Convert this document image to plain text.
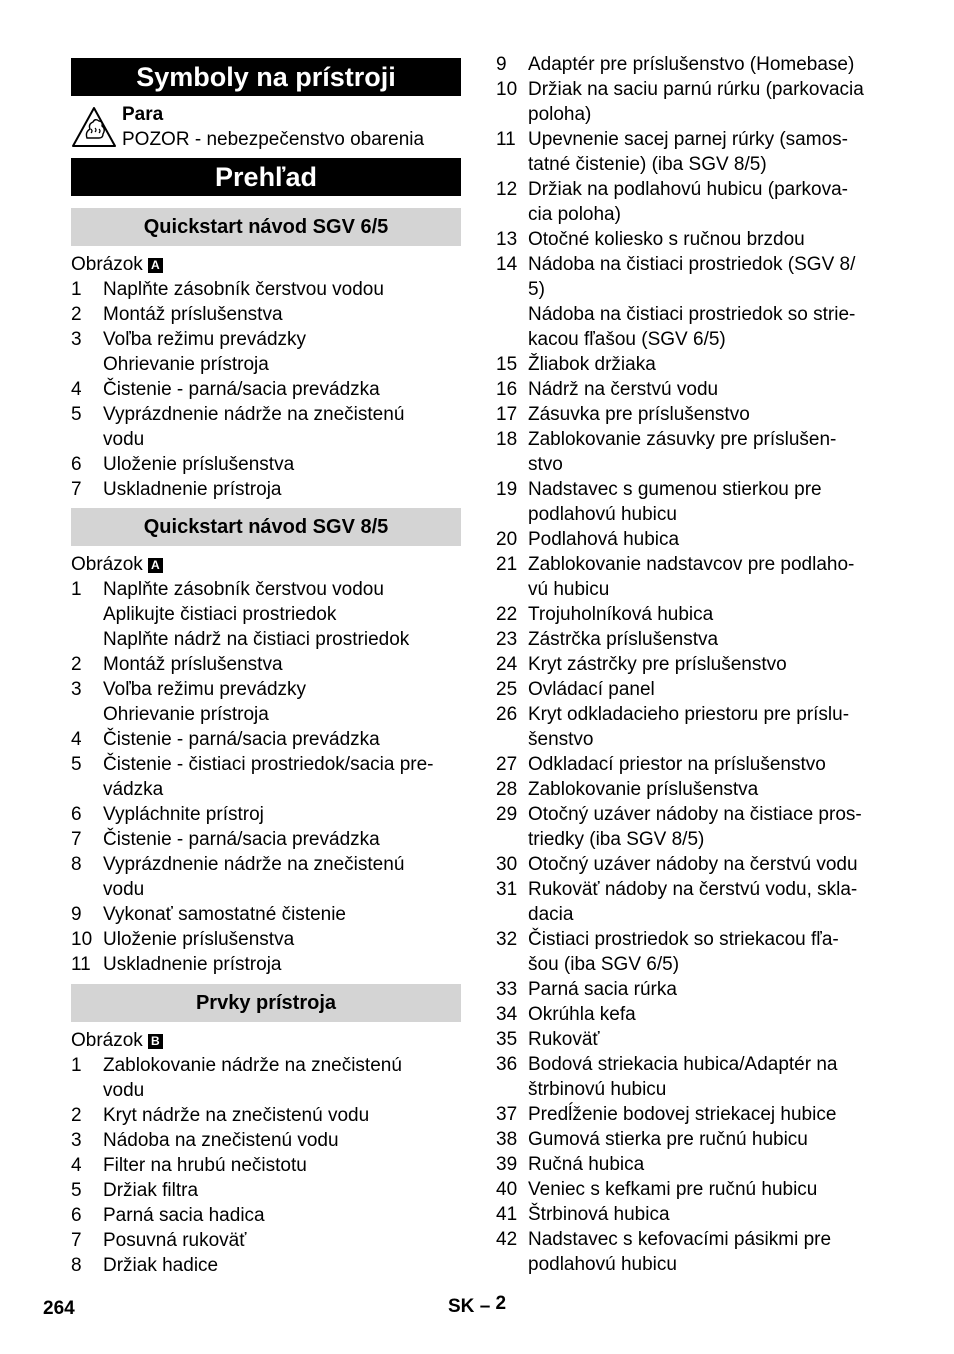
Symboly na prístroji
Para
POZOR - nebezpečenstvo obarenia
Prehľad
Quickstart návod SGV 6/5
Obrázok A
1 Naplňte zásobník čerstvou vodou
2 Montáž príslušenstva
3 Voľba režimu prevádzky
Ohrievanie prístroja
4 Čistenie - parná/sacia prevádzka
5 Vyprázdnenie nádrže na znečistenú
vodu
6 Uloženie príslušenstva
7 Uskladnenie prístroja
Quickstart návod SGV 8/5
Obrázok A
1 Naplňte zásobník čerstvou vodou
Aplikujte čistiaci prostriedok
Naplňte nádrž na čistiaci prostriedok
2 Montáž príslušenstva
3 Voľba režimu prevádzky
Ohrievanie prístroja
4 Čistenie - parná/sacia prevádzka
5 Čistenie - čistiaci prostriedok/sacia pre-
vádzka
6 Vypláchnite prístroj
7 Čistenie - parná/sacia prevádzka
8 Vyprázdnenie nádrže na znečistenú
vodu
9 Vykonať samostatné čistenie
10 Uloženie príslušenstva
11 Uskladnenie prístroja
Prvky prístroja
Obrázok B
1 Zablokovanie nádrže na znečistenú
vodu
2 Kryt nádrže na znečistenú vodu
3 Nádoba na znečistenú vodu
4 Filter na hrubú nečistotu
5 Držiak filtra
6 Parná sacia hadica
7 Posuvná rukoväť
8 Držiak hadice
9 Adaptér pre príslušenstvo (Homebase)
10 Držiak na saciu parnú rúrku (parkovacia
poloha)
11 Upevnenie sacej parnej rúrky (samos-
tatné čistenie) (iba SGV 8/5)
12 Držiak na podlahovú hubicu (parkova-
cia poloha)
13 Otočné koliesko s ručnou brzdou
14 Nádoba na čistiaci prostriedok (SGV 8/
5)
Nádoba na čistiaci prostriedok so strie-
kacou fľašou (SGV 6/5)
15 Žliabok držiaka
16 Nádrž na čerstvú vodu
17 Zásuvka pre príslušenstvo
18 Zablokovanie zásuvky pre príslušen-
stvo
19 Nadstavec s gumenou stierkou pre
podlahovú hubicu
20 Podlahová hubica
21 Zablokovanie nadstavcov pre podlaho-
vú hubicu
22 Trojuholníková hubica
23 Zástrčka príslušenstva
24 Kryt zástrčky pre príslušenstvo
25 Ovládací panel
26 Kryt odkladacieho priestoru pre príslu-
šenstvo
27 Odkladací priestor na príslušenstvo
28 Zablokovanie príslušenstva
29 Otočný uzáver nádoby na čistiace pros-
triedky (iba SGV 8/5)
30 Otočný uzáver nádoby na čerstvú vodu
31 Rukoväť nádoby na čerstvú vodu, skla-
dacia
32 Čistiaci prostriedok so striekacou fľa-
šou (iba SGV 6/5)
33 Parná sacia rúrka
34 Okrúhla kefa
35 Rukoväť
36 Bodová striekacia hubica/Adaptér na
štrbinovú hubicu
37 Predĺženie bodovej striekacej hubice
38 Gumová stierka pre ručnú hubicu
39 Ručná hubica
40 Veniec s kefkami pre ručnú hubicu
41 Štrbinová hubica
42 Nadstavec s kefovacími pásikmi pre
podlahovú hubicu
264	SK – 2
